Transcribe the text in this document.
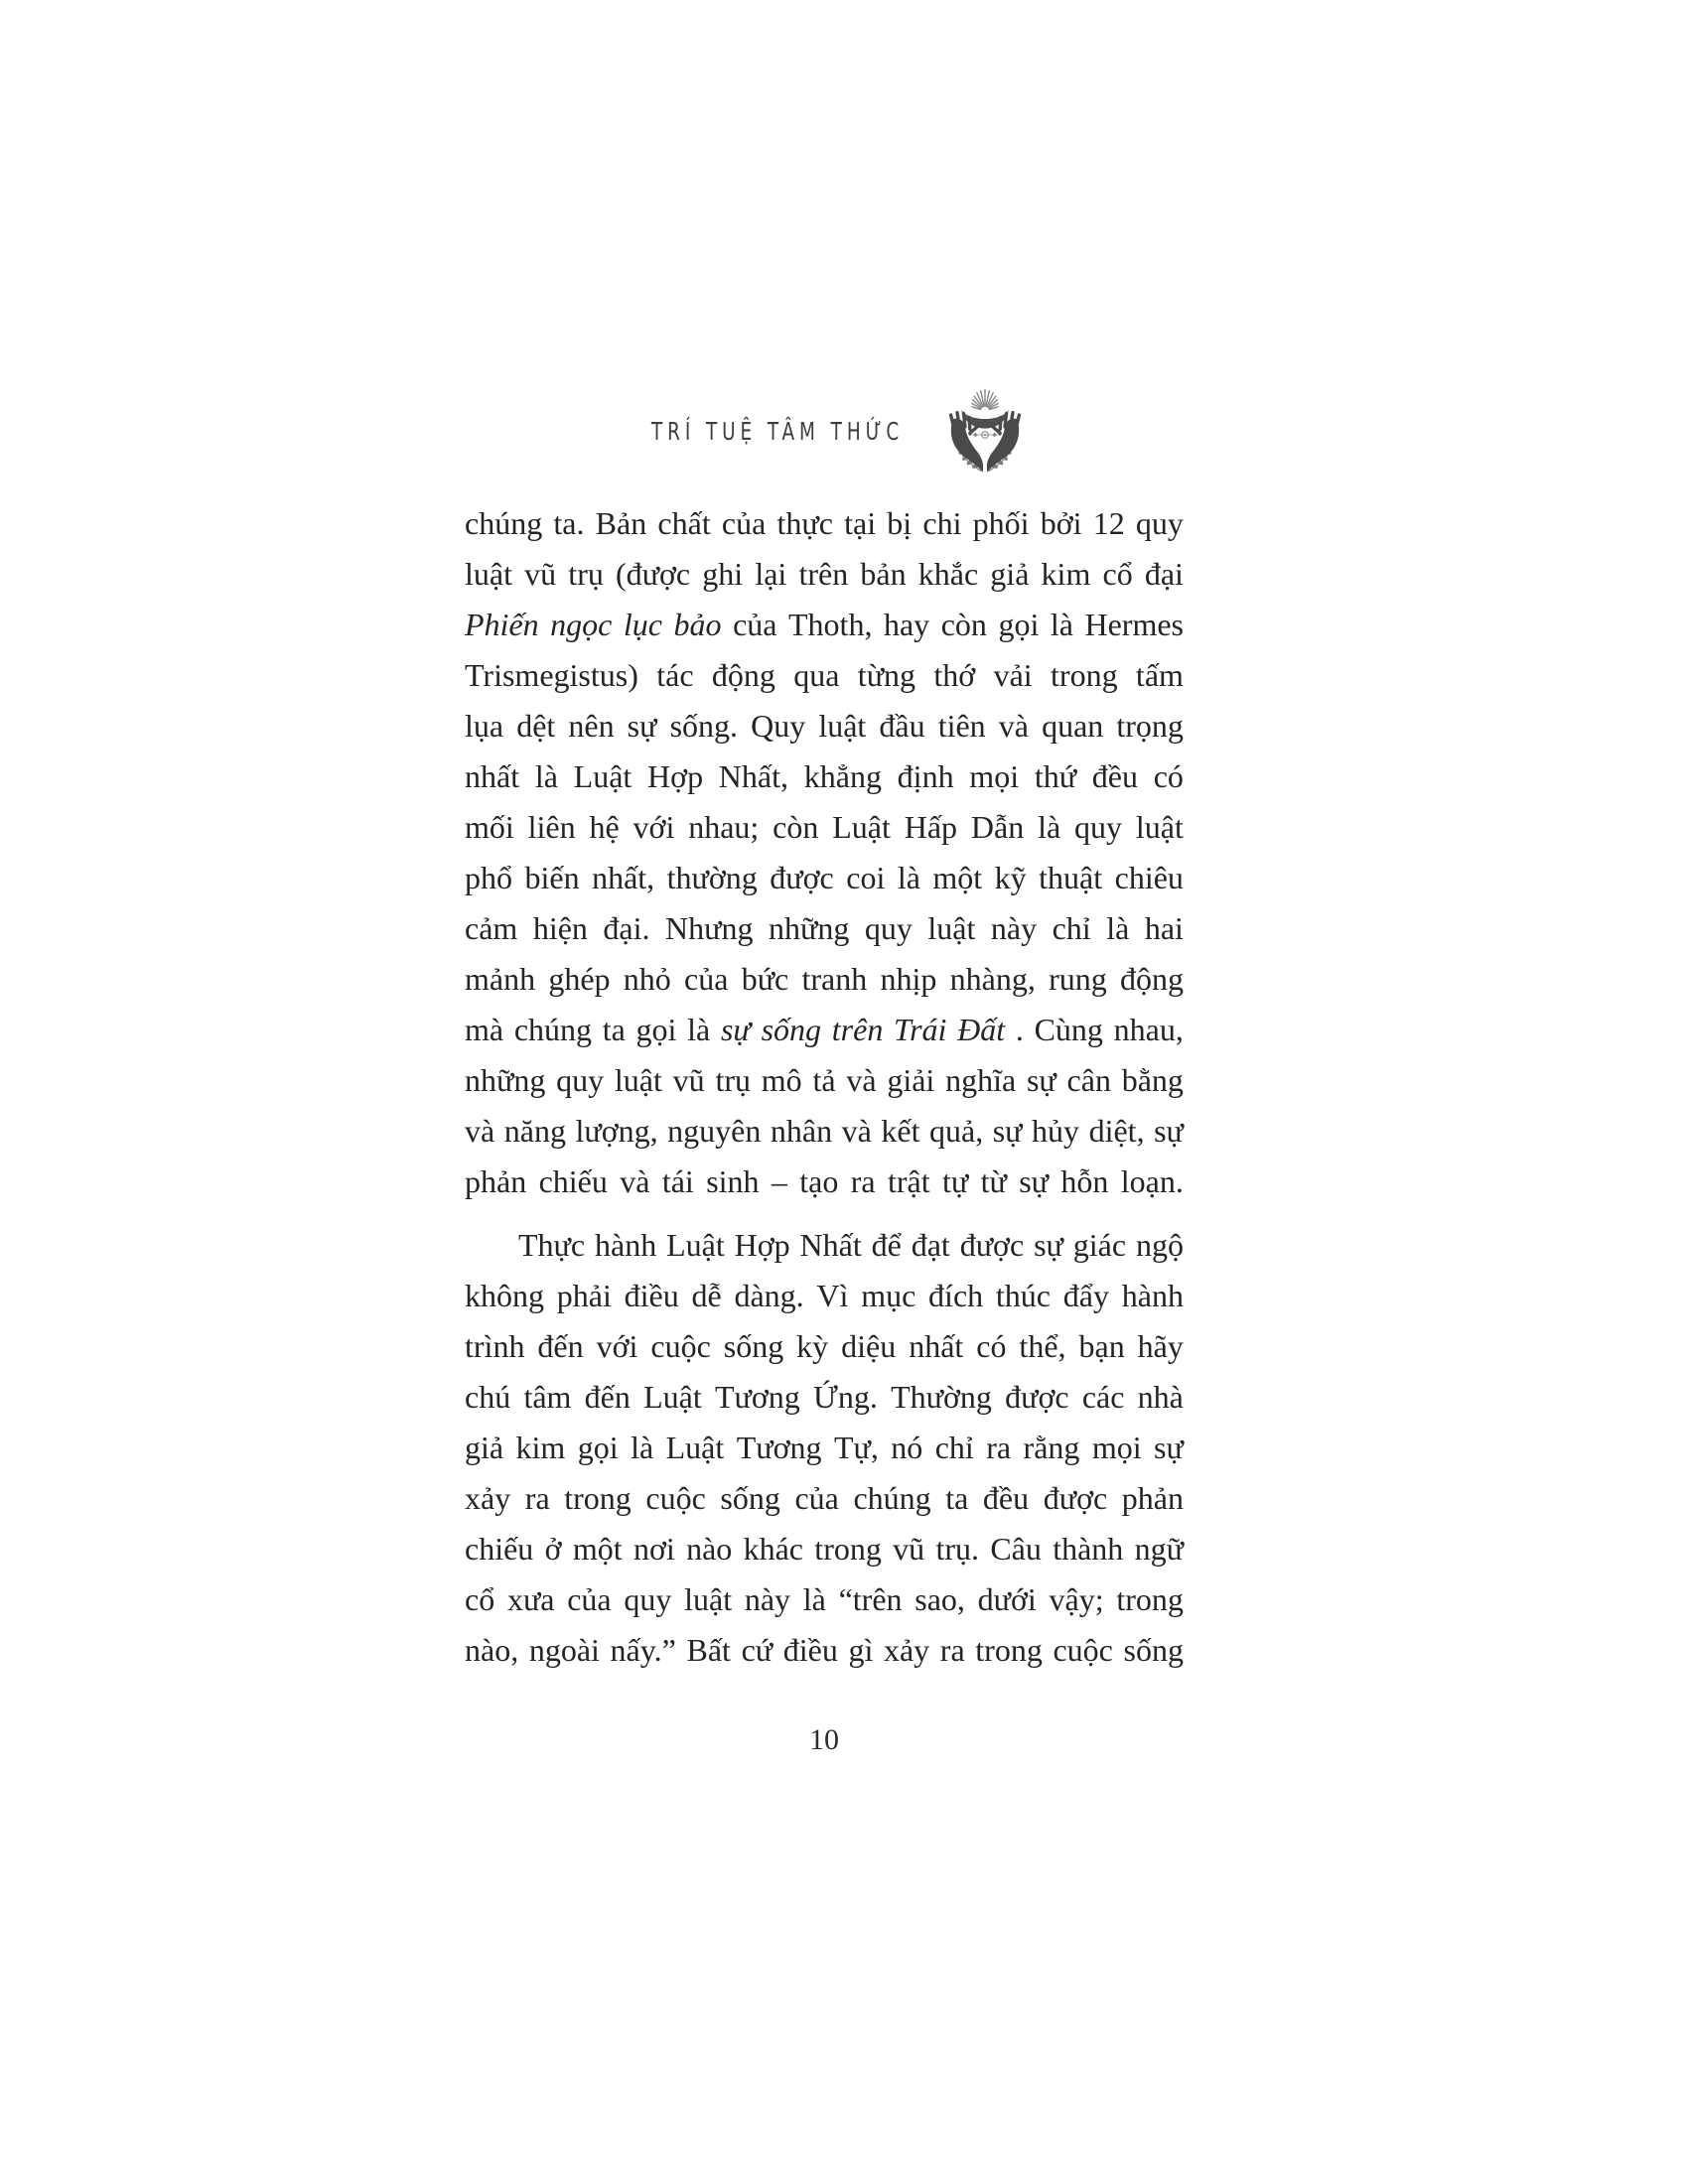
TRÍ TUỆ TÂM THỨC
chúng ta. Bản chất của thực tại bị chi phối bởi 12 quy
luật vũ trụ (được ghi lại trên bản khắc giả kim cổ đại
Phiến ngọc lục bảo của Thoth, hay còn gọi là Hermes
Trismegistus) tác động qua từng thớ vải trong tấm
lụa dệt nên sự sống. Quy luật đầu tiên và quan trọng
nhất là Luật Hợp Nhất, khẳng định mọi thứ đều có
mối liên hệ với nhau; còn Luật Hấp Dẫn là quy luật
phổ biến nhất, thường được coi là một kỹ thuật chiêu
cảm hiện đại. Nhưng những quy luật này chỉ là hai
mảnh ghép nhỏ của bức tranh nhịp nhàng, rung động
mà chúng ta gọi là sự sống trên Trái Đất . Cùng nhau,
những quy luật vũ trụ mô tả và giải nghĩa sự cân bằng
và năng lượng, nguyên nhân và kết quả, sự hủy diệt, sự
phản chiếu và tái sinh – tạo ra trật tự từ sự hỗn loạn.
Thực hành Luật Hợp Nhất để đạt được sự giác ngộ
không phải điều dễ dàng. Vì mục đích thúc đẩy hành
trình đến với cuộc sống kỳ diệu nhất có thể, bạn hãy
chú tâm đến Luật Tương Ứng. Thường được các nhà
giả kim gọi là Luật Tương Tự, nó chỉ ra rằng mọi sự
xảy ra trong cuộc sống của chúng ta đều được phản
chiếu ở một nơi nào khác trong vũ trụ. Câu thành ngữ
cổ xưa của quy luật này là “trên sao, dưới vậy; trong
nào, ngoài nấy.” Bất cứ điều gì xảy ra trong cuộc sống
10
